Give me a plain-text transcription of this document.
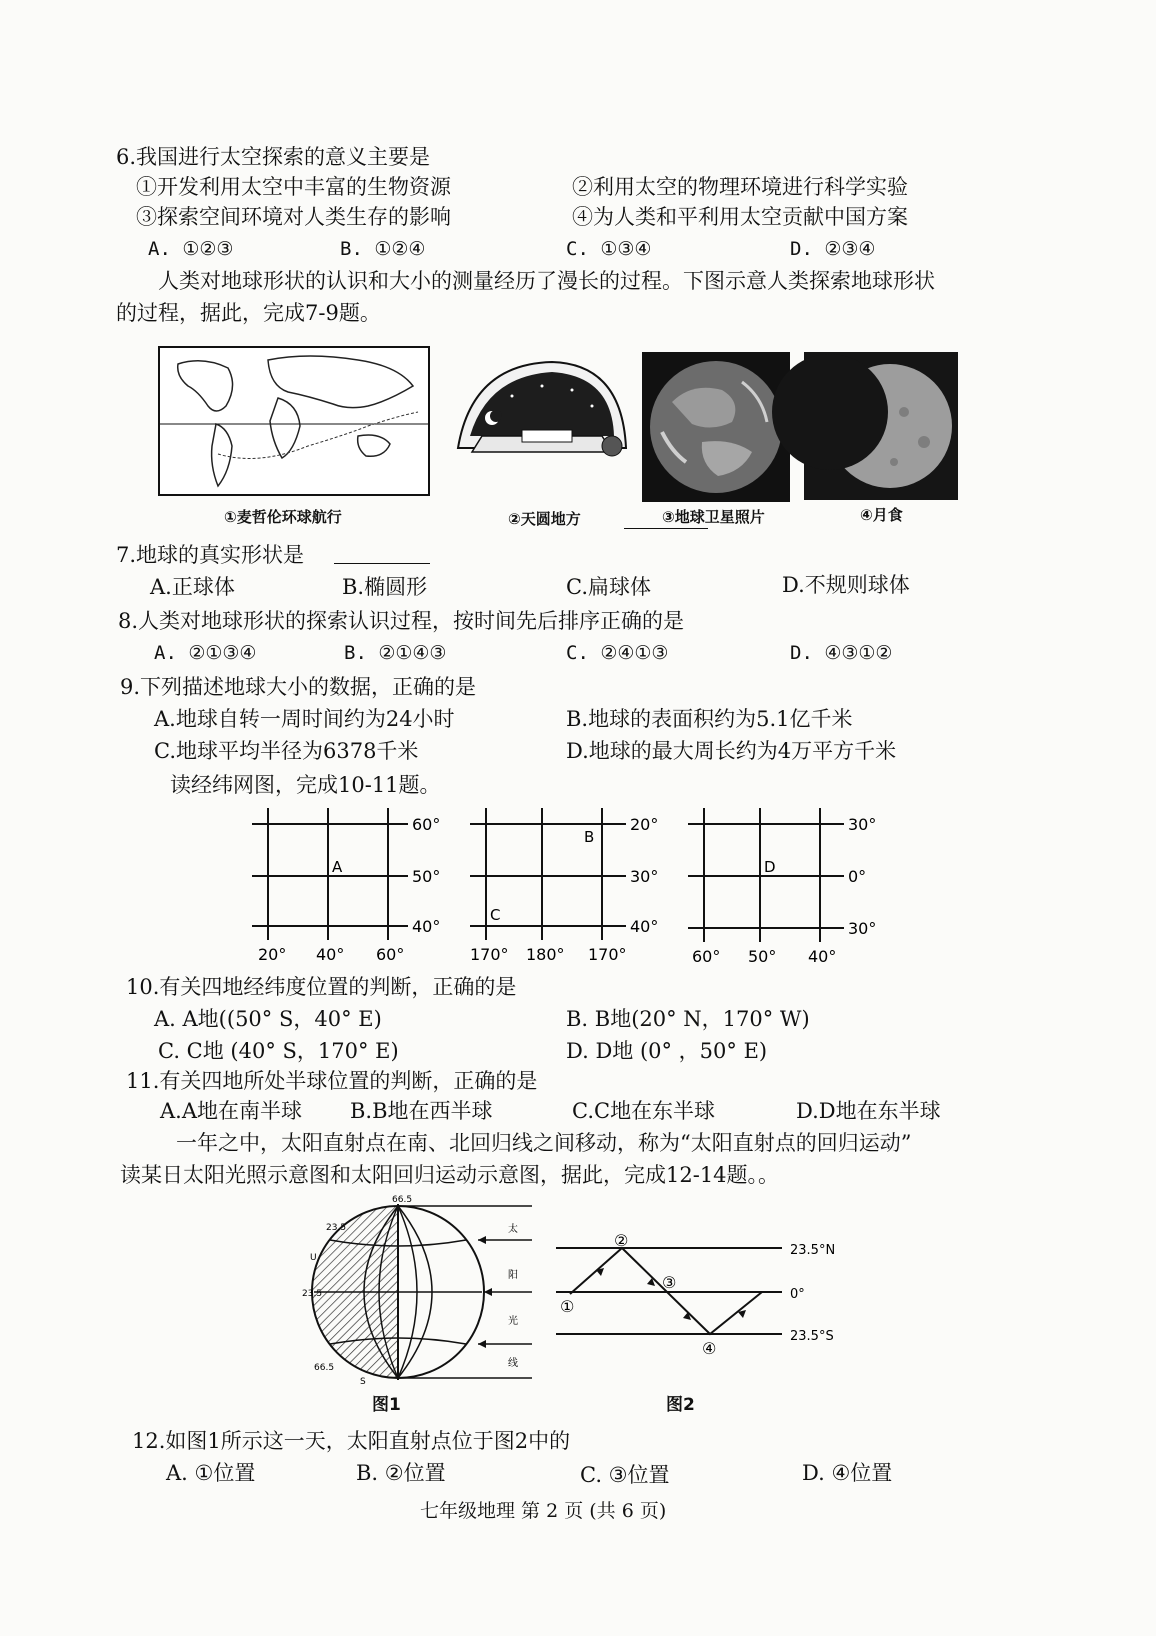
6.我国进行太空探索的意义主要是
①开发利用太空中丰富的生物资源	②利用太空的物理环境进行科学实验
③探索空间环境对人类生存的影响	④为人类和平利用太空贡献中国方案
A. ①②③	B. ①②④	C. ①③④	D. ②③④
人类对地球形状的认识和大小的测量经历了漫长的过程。下图示意人类探索地球形状
的过程，据此，完成7-9题。
①麦哲伦环球航行	②天圆地方	③地球卫星照片	④月食
7.地球的真实形状是
A.正球体	B.椭圆形	C.扁球体	D.不规则球体
8.人类对地球形状的探索认识过程，按时间先后排序正确的是
A. ②①③④	B. ②①④③	C. ②④①③	D. ④③①②
9.下列描述地球大小的数据，正确的是
A.地球自转一周时间约为24小时	B.地球的表面积约为5.1亿千米
C.地球平均半径为6378千米	D.地球的最大周长约为4万平方千米
读经纬网图，完成10-11题。
A
60°
50°
40°
20° 40° 60°
B
C
20°
30°
40°
170° 180° 170°
D
30°
0°
30°
60° 50° 40°
10.有关四地经纬度位置的判断，正确的是
A. A地((50° S，40° E)	B. B地(20° N，170° W)
C. C地 (40° S，170° E)	D. D地 (0° ，50° E)
11.有关四地所处半球位置的判断，正确的是
A.A地在南半球 B.B地在西半球	C.C地在东半球	D.D地在东半球
一年之中，太阳直射点在南、北回归线之间移动，称为“太阳直射点的回归运动”
读某日太阳光照示意图和太阳回归运动示意图，据此，完成12-14题。。
66.5
23.5
U
23.5
66.5
S
太
阳
光
线
图1
①
②
③
④
23.5°N
0°
23.5°S
图2
12.如图1所示这一天，太阳直射点位于图2中的
A. ①位置	B. ②位置	C. ③位置	D. ④位置
七年级地理 第 2 页 (共 6 页)
